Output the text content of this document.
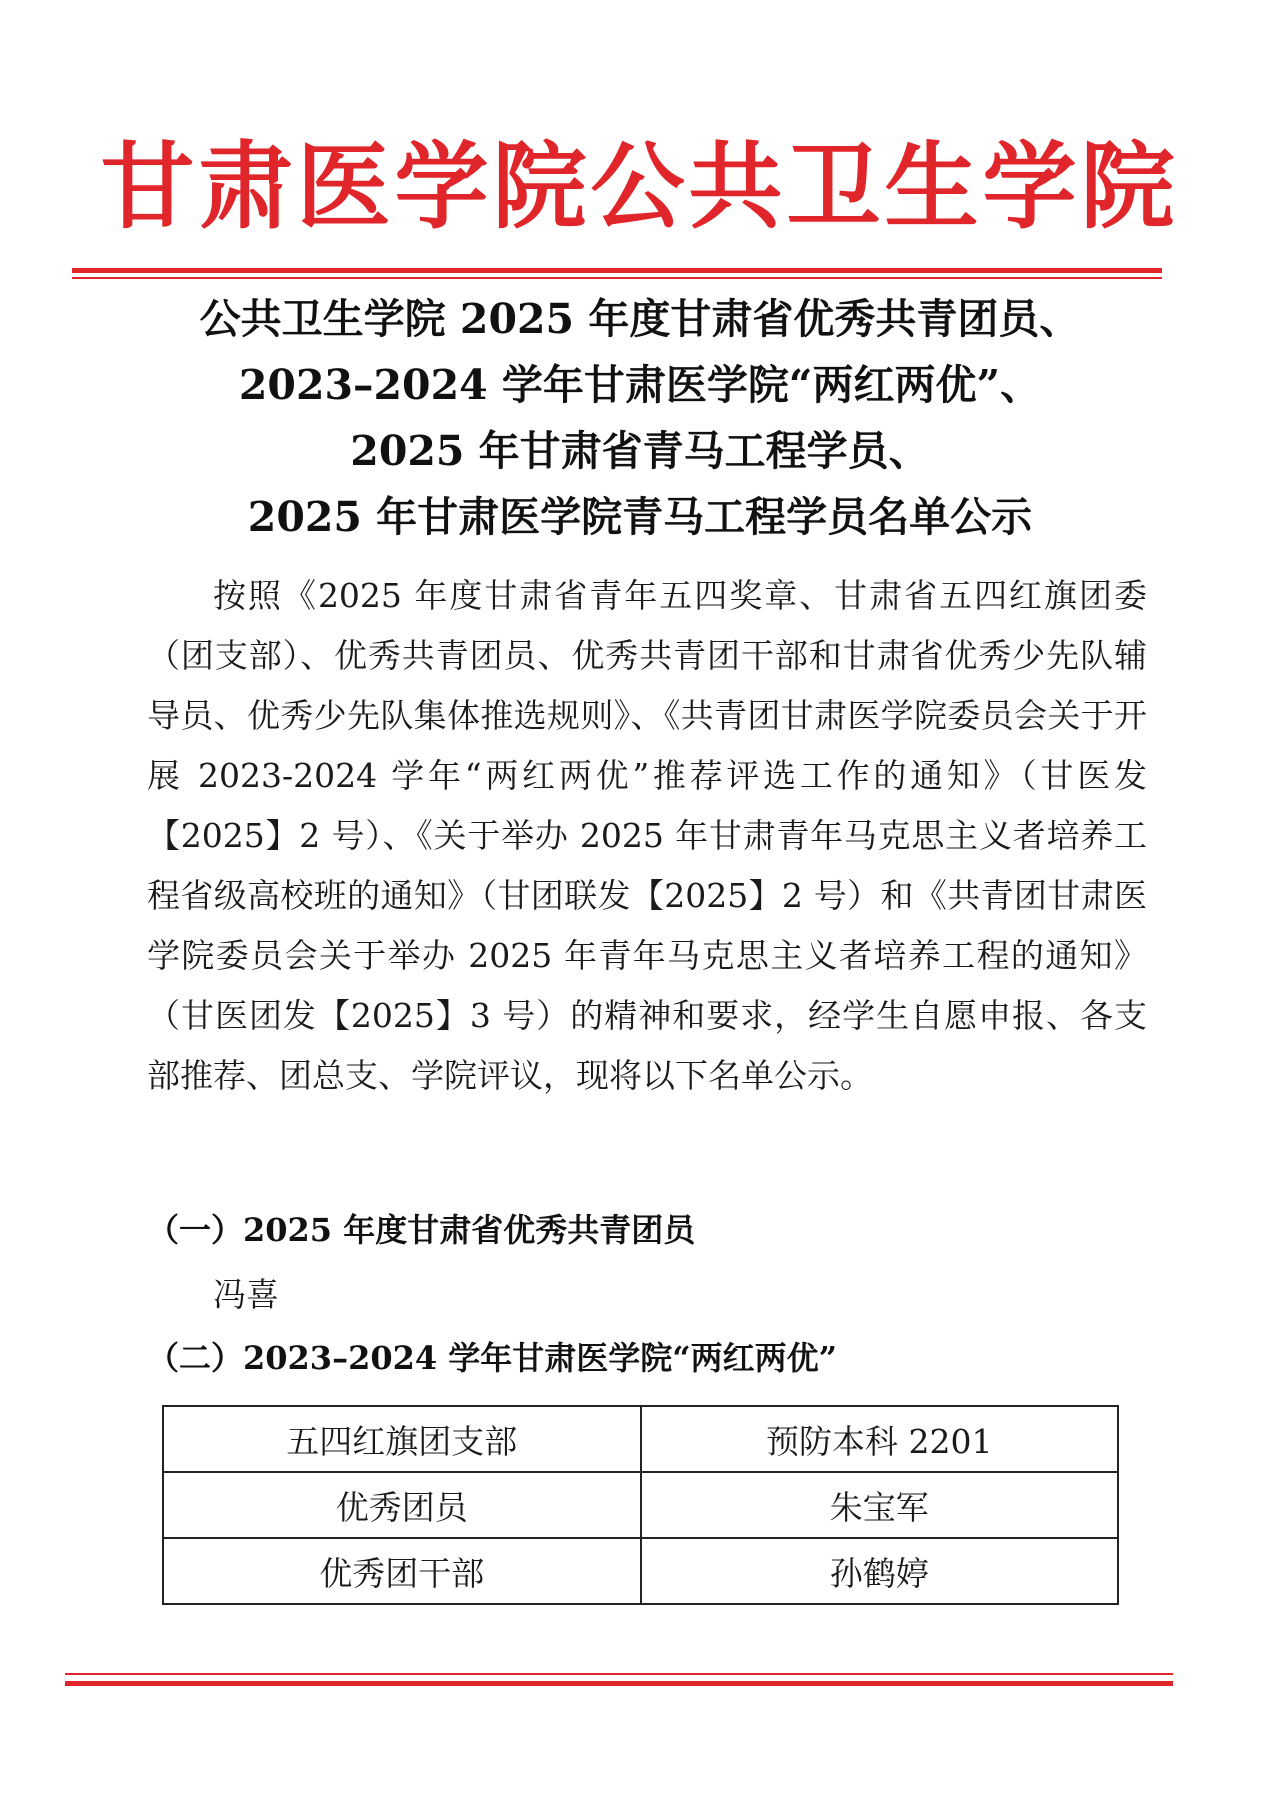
甘肃医学院公共卫生学院
公共卫生学院 2025 年度甘肃省优秀共青团员、
2023–2024 学年甘肃医学院“两红两优”、
2025 年甘肃省青马工程学员、
2025 年甘肃医学院青马工程学员名单公示
按照《2025 年度甘肃省青年五四奖章、甘肃省五四红旗团委（团支部）、优秀共青团员、优秀共青团干部和甘肃省优秀少先队辅导员、优秀少先队集体推选规则》、《共青团甘肃医学院委员会关于开展 2023-2024 学年“两红两优”推荐评选工作的通知》（甘医发【2025】2 号）、《关于举办 2025 年甘肃青年马克思主义者培养工程省级高校班的通知》（甘团联发【2025】2 号）和《共青团甘肃医学院委员会关于举办 2025 年青年马克思主义者培养工程的通知》（甘医团发【2025】3 号）的精神和要求，经学生自愿申报、各支部推荐、团总支、学院评议，现将以下名单公示。
（一）2025 年度甘肃省优秀共青团员
冯喜
（二）2023–2024 学年甘肃医学院“两红两优”
五四红旗团支部	预防本科 2201
优秀团员	朱宝军
优秀团干部	孙鹤婷
